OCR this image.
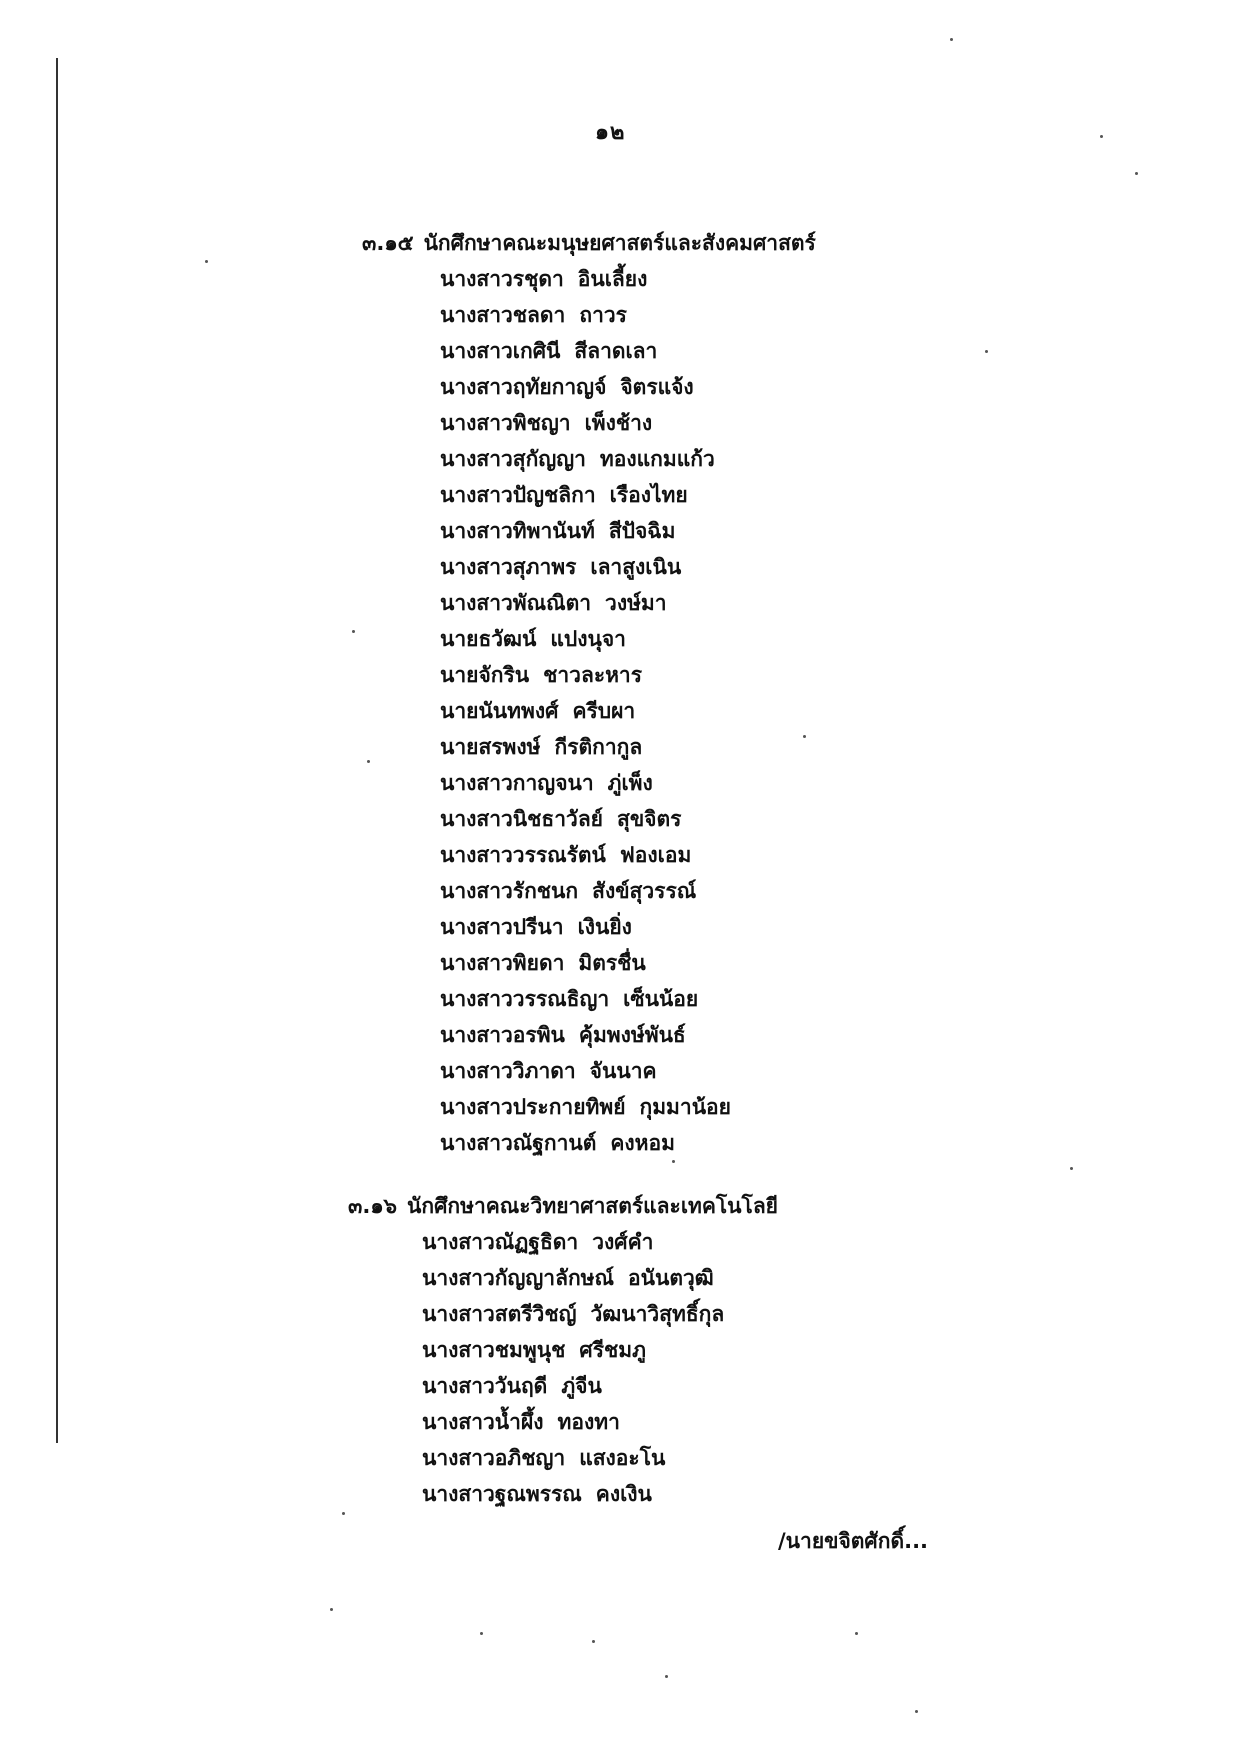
๑๒
๓.๑๕ นักศึกษาคณะมนุษยศาสตร์และสังคมศาสตร์
นางสาวรชุดา อินเลี้ยง
นางสาวชลดา ถาวร
นางสาวเกศินี สีลาดเลา
นางสาวฤทัยกาญจ์ จิตรแจ้ง
นางสาวพิชญา เพ็งช้าง
นางสาวสุกัญญา ทองแกมแก้ว
นางสาวปัญชลิกา เรืองไทย
นางสาวทิพานันท์ สีปัจฉิม
นางสาวสุภาพร เลาสูงเนิน
นางสาวพัณณิตา วงษ์มา
นายธวัฒน์ แปงนุจา
นายจักริน ชาวละหาร
นายนันทพงศ์ ครีบผา
นายสรพงษ์ กีรติกากูล
นางสาวกาญจนา ภู่เพ็ง
นางสาวนิชธาวัลย์ สุขจิตร
นางสาววรรณรัตน์ ฟองเอม
นางสาวรักชนก สังข์สุวรรณ์
นางสาวปรีนา เงินยิ่ง
นางสาวพิยดา มิตรชื่น
นางสาววรรณธิญา เซ็นน้อย
นางสาวอรพิน คุ้มพงษ์พันธ์
นางสาววิภาดา จันนาค
นางสาวประกายทิพย์ กุมมาน้อย
นางสาวณัฐกานต์ คงหอม
๓.๑๖ นักศึกษาคณะวิทยาศาสตร์และเทคโนโลยี
นางสาวณัฏฐธิดา วงศ์คำ
นางสาวกัญญาลักษณ์ อนันตวุฒิ
นางสาวสตรีวิชญ์ วัฒนาวิสุทธิ์กุล
นางสาวชมพูนุช ศรีชมภู
นางสาววันฤดี ภู่จีน
นางสาวน้ำผึ้ง ทองทา
นางสาวอภิชญา แสงอะโน
นางสาวฐณพรรณ คงเงิน
/นายขจิตศักดิ์...
